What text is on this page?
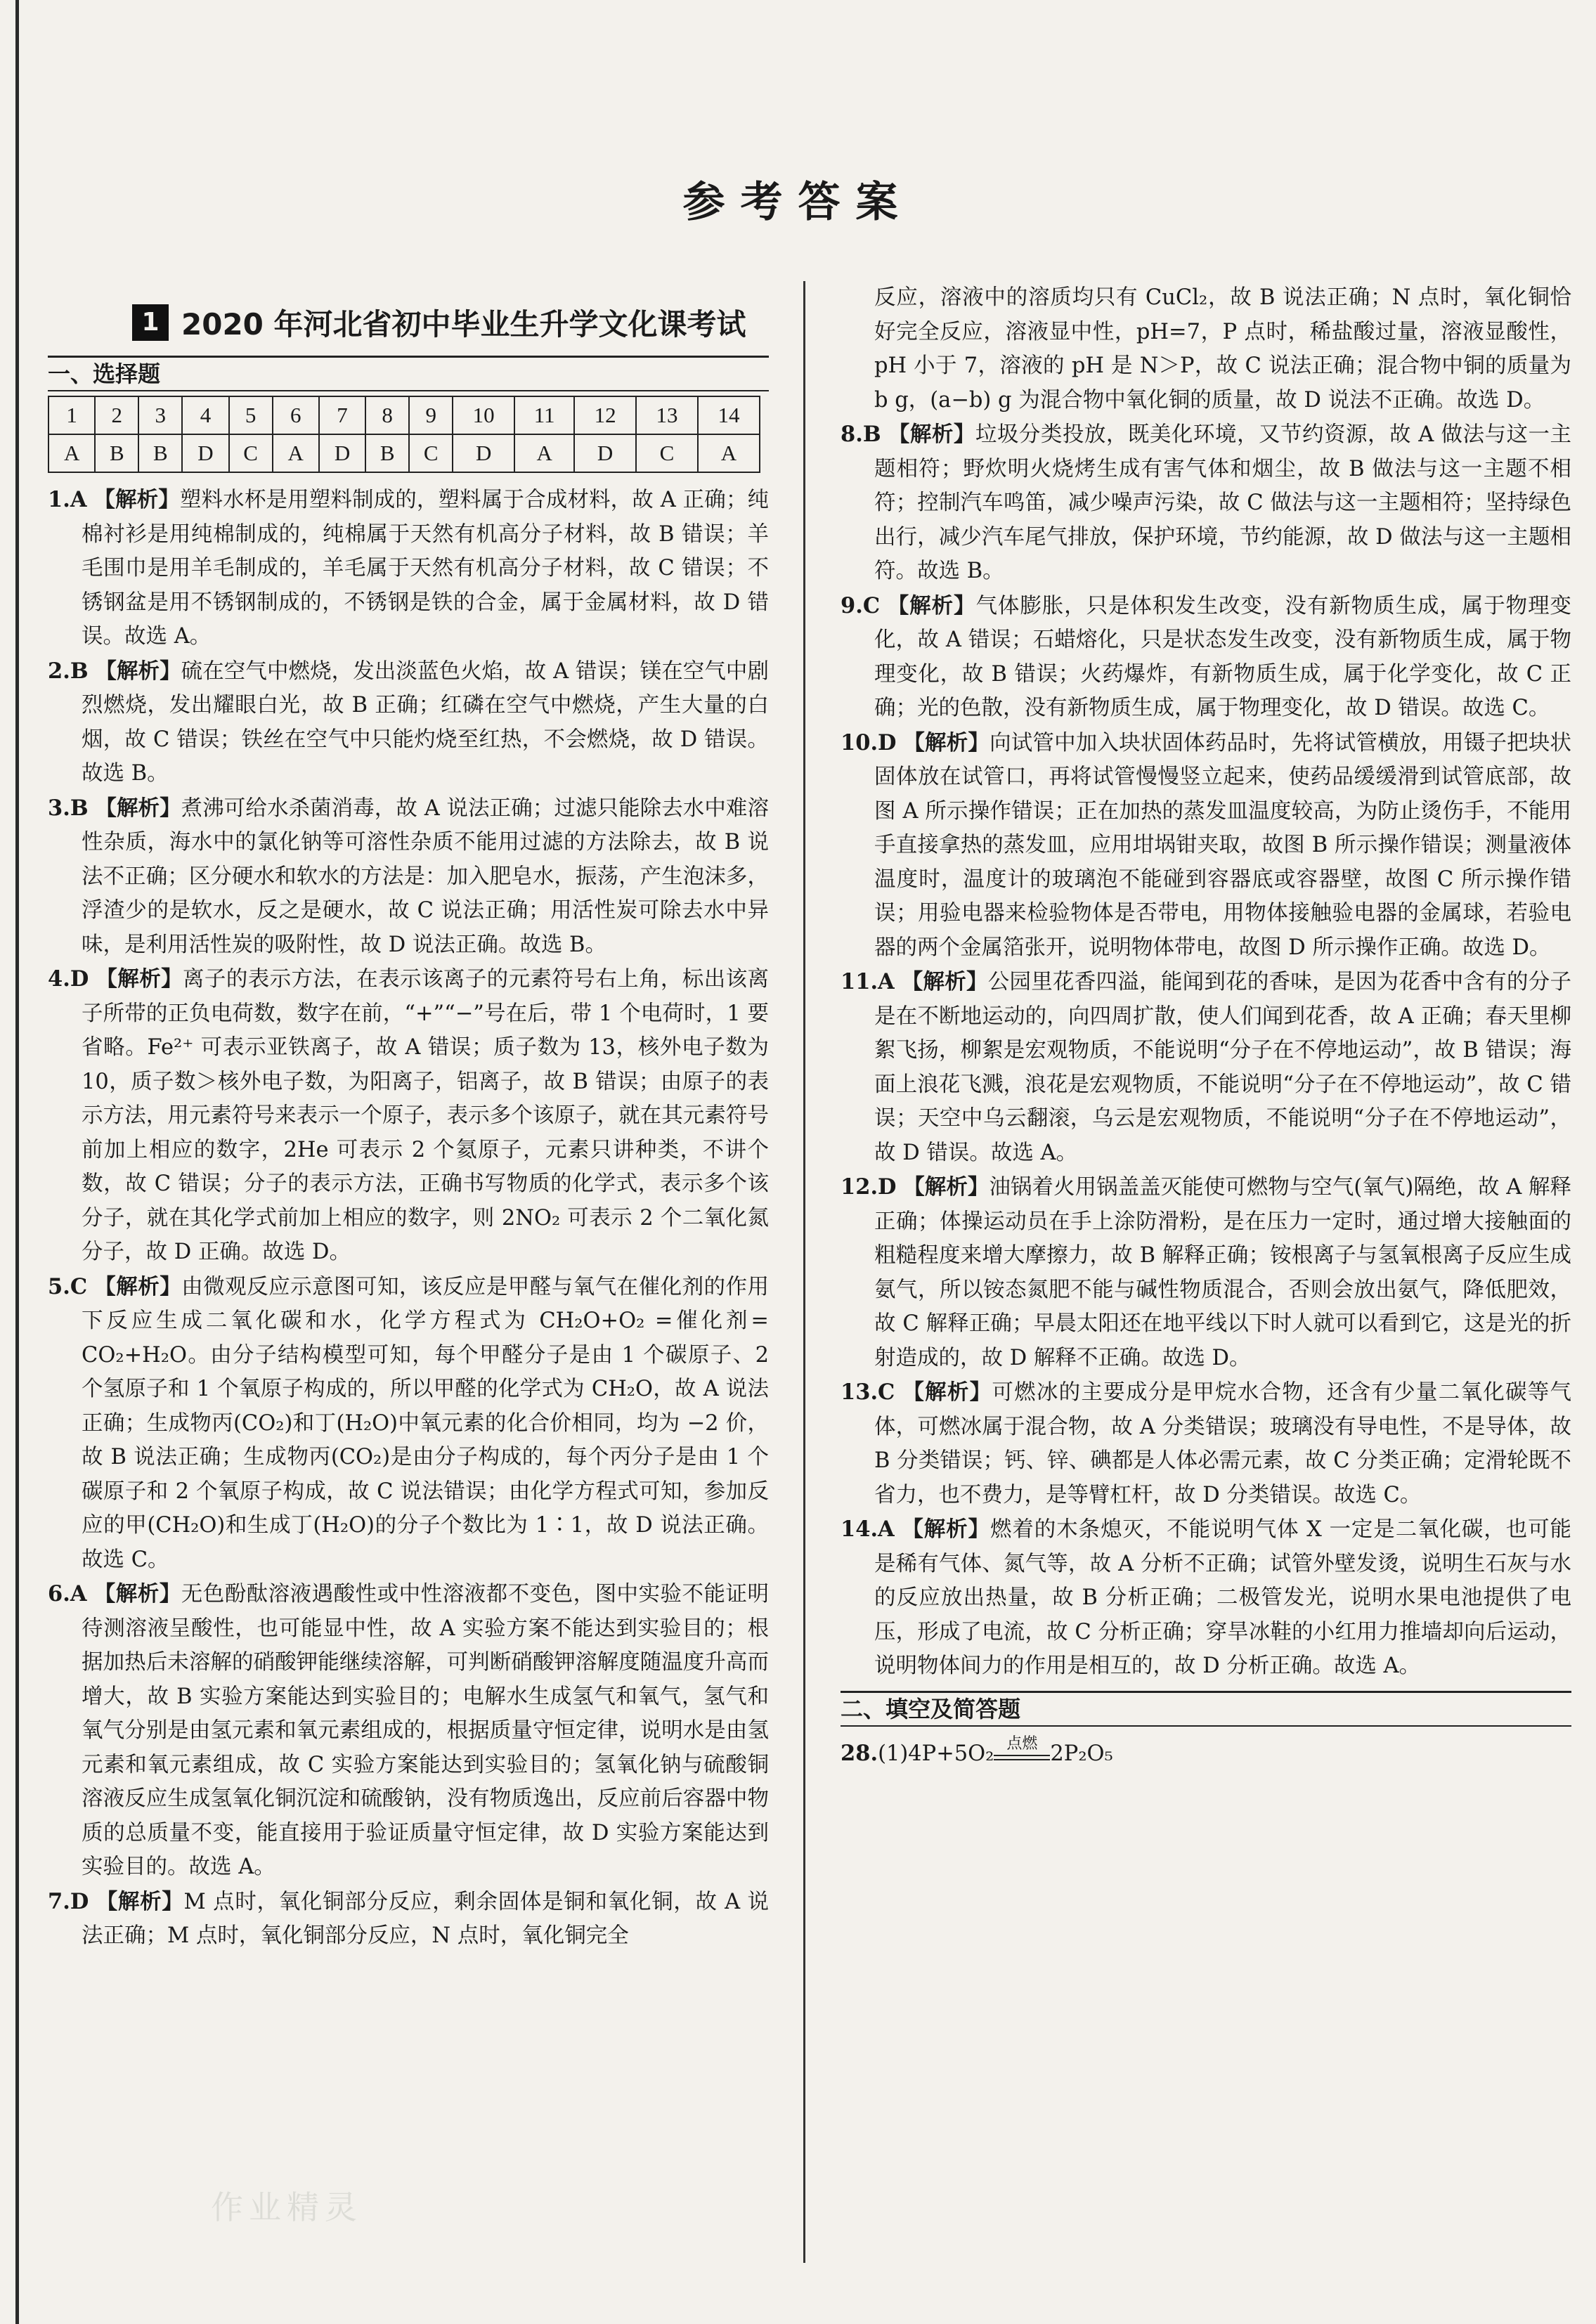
参考答案
1 2020 年河北省初中毕业生升学文化课考试
一、选择题
1	2	3	4	5	6	7	8	9	10	11	12	13	14
A	B	B	D	C	A	D	B	C	D	A	D	C	A

1.A 【解析】塑料水杯是用塑料制成的，塑料属于合成材料，故 A 正确；纯棉衬衫是用纯棉制成的，纯棉属于天然有机高分子材料，故 B 错误；羊毛围巾是用羊毛制成的，羊毛属于天然有机高分子材料，故 C 错误；不锈钢盆是用不锈钢制成的，不锈钢是铁的合金，属于金属材料，故 D 错误。故选 A。

2.B 【解析】硫在空气中燃烧，发出淡蓝色火焰，故 A 错误；镁在空气中剧烈燃烧，发出耀眼白光，故 B 正确；红磷在空气中燃烧，产生大量的白烟，故 C 错误；铁丝在空气中只能灼烧至红热，不会燃烧，故 D 错误。故选 B。

3.B 【解析】煮沸可给水杀菌消毒，故 A 说法正确；过滤只能除去水中难溶性杂质，海水中的氯化钠等可溶性杂质不能用过滤的方法除去，故 B 说法不正确；区分硬水和软水的方法是：加入肥皂水，振荡，产生泡沫多，浮渣少的是软水，反之是硬水，故 C 说法正确；用活性炭可除去水中异味，是利用活性炭的吸附性，故 D 说法正确。故选 B。

4.D 【解析】离子的表示方法，在表示该离子的元素符号右上角，标出该离子所带的正负电荷数，数字在前，“+”“−”号在后，带 1 个电荷时，1 要省略。Fe²⁺ 可表示亚铁离子，故 A 错误；质子数为 13，核外电子数为 10，质子数＞核外电子数，为阳离子，铝离子，故 B 错误；由原子的表示方法，用元素符号来表示一个原子，表示多个该原子，就在其元素符号前加上相应的数字，2He 可表示 2 个氦原子，元素只讲种类，不讲个数，故 C 错误；分子的表示方法，正确书写物质的化学式，表示多个该分子，就在其化学式前加上相应的数字，则 2NO₂ 可表示 2 个二氧化氮分子，故 D 正确。故选 D。

5.C 【解析】由微观反应示意图可知，该反应是甲醛与氧气在催化剂的作用下反应生成二氧化碳和水，化学方程式为 CH₂O+O₂ =催化剂= CO₂+H₂O。由分子结构模型可知，每个甲醛分子是由 1 个碳原子、2 个氢原子和 1 个氧原子构成的，所以甲醛的化学式为 CH₂O，故 A 说法正确；生成物丙(CO₂)和丁(H₂O)中氧元素的化合价相同，均为 −2 价，故 B 说法正确；生成物丙(CO₂)是由分子构成的，每个丙分子是由 1 个碳原子和 2 个氧原子构成，故 C 说法错误；由化学方程式可知，参加反应的甲(CH₂O)和生成丁(H₂O)的分子个数比为 1∶1，故 D 说法正确。故选 C。

6.A 【解析】无色酚酞溶液遇酸性或中性溶液都不变色，图中实验不能证明待测溶液呈酸性，也可能显中性，故 A 实验方案不能达到实验目的；根据加热后未溶解的硝酸钾能继续溶解，可判断硝酸钾溶解度随温度升高而增大，故 B 实验方案能达到实验目的；电解水生成氢气和氧气，氢气和氧气分别是由氢元素和氧元素组成的，根据质量守恒定律，说明水是由氢元素和氧元素组成，故 C 实验方案能达到实验目的；氢氧化钠与硫酸铜溶液反应生成氢氧化铜沉淀和硫酸钠，没有物质逸出，反应前后容器中物质的总质量不变，能直接用于验证质量守恒定律，故 D 实验方案能达到实验目的。故选 A。

7.D 【解析】M 点时，氧化铜部分反应，剩余固体是铜和氧化铜，故 A 说法正确；M 点时，氧化铜部分反应，N 点时，氧化铜完全

反应，溶液中的溶质均只有 CuCl₂，故 B 说法正确；N 点时，氧化铜恰好完全反应，溶液显中性，pH=7，P 点时，稀盐酸过量，溶液显酸性，pH 小于 7，溶液的 pH 是 N＞P，故 C 说法正确；混合物中铜的质量为 b g，(a−b) g 为混合物中氧化铜的质量，故 D 说法不正确。故选 D。

8.B 【解析】垃圾分类投放，既美化环境，又节约资源，故 A 做法与这一主题相符；野炊明火烧烤生成有害气体和烟尘，故 B 做法与这一主题不相符；控制汽车鸣笛，减少噪声污染，故 C 做法与这一主题相符；坚持绿色出行，减少汽车尾气排放，保护环境，节约能源，故 D 做法与这一主题相符。故选 B。

9.C 【解析】气体膨胀，只是体积发生改变，没有新物质生成，属于物理变化，故 A 错误；石蜡熔化，只是状态发生改变，没有新物质生成，属于物理变化，故 B 错误；火药爆炸，有新物质生成，属于化学变化，故 C 正确；光的色散，没有新物质生成，属于物理变化，故 D 错误。故选 C。

10.D 【解析】向试管中加入块状固体药品时，先将试管横放，用镊子把块状固体放在试管口，再将试管慢慢竖立起来，使药品缓缓滑到试管底部，故图 A 所示操作错误；正在加热的蒸发皿温度较高，为防止烫伤手，不能用手直接拿热的蒸发皿，应用坩埚钳夹取，故图 B 所示操作错误；测量液体温度时，温度计的玻璃泡不能碰到容器底或容器壁，故图 C 所示操作错误；用验电器来检验物体是否带电，用物体接触验电器的金属球，若验电器的两个金属箔张开，说明物体带电，故图 D 所示操作正确。故选 D。

11.A 【解析】公园里花香四溢，能闻到花的香味，是因为花香中含有的分子是在不断地运动的，向四周扩散，使人们闻到花香，故 A 正确；春天里柳絮飞扬，柳絮是宏观物质，不能说明“分子在不停地运动”，故 B 错误；海面上浪花飞溅，浪花是宏观物质，不能说明“分子在不停地运动”，故 C 错误；天空中乌云翻滚，乌云是宏观物质，不能说明“分子在不停地运动”，故 D 错误。故选 A。

12.D 【解析】油锅着火用锅盖盖灭能使可燃物与空气(氧气)隔绝，故 A 解释正确；体操运动员在手上涂防滑粉，是在压力一定时，通过增大接触面的粗糙程度来增大摩擦力，故 B 解释正确；铵根离子与氢氧根离子反应生成氨气，所以铵态氮肥不能与碱性物质混合，否则会放出氨气，降低肥效，故 C 解释正确；早晨太阳还在地平线以下时人就可以看到它，这是光的折射造成的，故 D 解释不正确。故选 D。

13.C 【解析】可燃冰的主要成分是甲烷水合物，还含有少量二氧化碳等气体，可燃冰属于混合物，故 A 分类错误；玻璃没有导电性，不是导体，故 B 分类错误；钙、锌、碘都是人体必需元素，故 C 分类正确；定滑轮既不省力，也不费力，是等臂杠杆，故 D 分类错误。故选 C。

14.A 【解析】燃着的木条熄灭，不能说明气体 X 一定是二氧化碳，也可能是稀有气体、氮气等，故 A 分析不正确；试管外壁发烫，说明生石灰与水的反应放出热量，故 B 分析正确；二极管发光，说明水果电池提供了电压，形成了电流，故 C 分析正确；穿旱冰鞋的小红用力推墙却向后运动，说明物体间力的作用是相互的，故 D 分析正确。故选 A。

二、填空及简答题

28.(1)4P+5O₂ 点燃 2P₂O₅

作业精灵
